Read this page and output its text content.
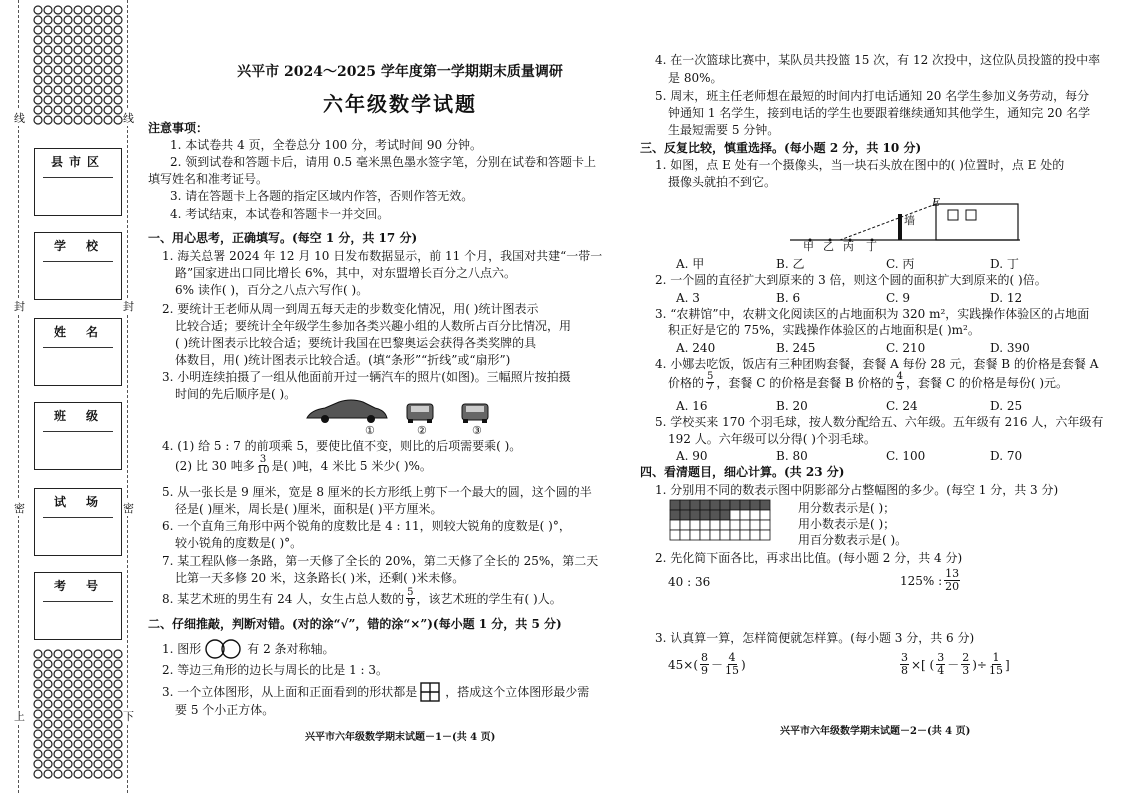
线	线
封	封
密	密
上	下
县市区
学校
姓名
班级
试场
考号
兴平市 2024～2025 学年度第一学期期末质量调研
六年级数学试题
注意事项：
1. 本试卷共 4 页，全卷总分 100 分，考试时间 90 分钟。
2. 领到试卷和答题卡后，请用 0.5 毫米黑色墨水签字笔，分别在试卷和答题卡上
填写姓名和准考证号。
3. 请在答题卡上各题的指定区域内作答，否则作答无效。
4. 考试结束，本试卷和答题卡一并交回。
一、用心思考，正确填写。(每空 1 分，共 17 分)
1. 海关总署 2024 年 12 月 10 日发布数据显示，前 11 个月，我国对共建“一带一
路”国家进出口同比增长 6%，其中，对东盟增长百分之八点六。
6% 读作( )，百分之八点六写作( )。
2. 要统计王老师从周一到周五每天走的步数变化情况，用( )统计图表示
比较合适；要统计全年级学生参加各类兴趣小组的人数所占百分比情况，用
( )统计图表示比较合适；要统计我国在巴黎奥运会获得各类奖牌的具
体数目，用( )统计图表示比较合适。(填“条形”“折线”或“扇形”)
3. 小明连续拍摄了一组从他面前开过一辆汽车的照片(如图)。三幅照片按拍摄
时间的先后顺序是( )。
①	②	③
4. (1) 给 5 : 7 的前项乘 5，要使比值不变，则比的后项需要乘( )。
(2) 比 30 吨多 $\frac{3}{10}$ 是( )吨，4 米比 5 米少( )%。
5. 从一张长是 9 厘米，宽是 8 厘米的长方形纸上剪下一个最大的圆，这个圆的半
径是( )厘米，周长是( )厘米，面积是( )平方厘米。
6. 一个直角三角形中两个锐角的度数比是 4 : 11，则较大锐角的度数是( )°，
较小锐角的度数是( )°。
7. 某工程队修一条路，第一天修了全长的 20%，第二天修了全长的 25%，第二天
比第一天多修 20 米，这条路长( )米，还剩( )米未修。
8. 某艺术班的男生有 24 人，女生占总人数的 $\frac{5}{9}$ ，该艺术班的学生有( )人。
二、仔细推敲，判断对错。(对的涂“√”，错的涂“×”)(每小题 1 分，共 5 分)
1. 图形	有 2 条对称轴。
2. 等边三角形的边长与周长的比是 1 : 3。
3. 一个立体图形，从上面和正面看到的形状都是 ，搭成这个立体图形最少需
要 5 个小正方体。
兴平市六年级数学期末试题－1－(共 4 页)
4. 在一次篮球比赛中，某队员共投篮 15 次，有 12 次投中，这位队员投篮的投中率
是 80%。
5. 周末，班主任老师想在最短的时间内打电话通知 20 名学生参加义务劳动，每分
钟通知 1 名学生，接到电话的学生也要跟着继续通知其他学生，通知完 20 名学
生最短需要 5 分钟。
三、反复比较，慎重选择。(每小题 2 分，共 10 分)
1. 如图，点 E 处有一个摄像头，当一块石头放在图中的( )位置时，点 E 处的
摄像头就拍不到它。
E
墙
甲 乙 丙 丁
A. 甲	B. 乙	C. 丙	D. 丁
2. 一个圆的直径扩大到原来的 3 倍，则这个圆的面积扩大到原来的( )倍。
A. 3	B. 6	C. 9	D. 12
3. “农耕馆”中，农耕文化阅读区的占地面积为 320 m²，实践操作体验区的占地面
积正好是它的 75%，实践操作体验区的占地面积是( )m²。
A. 240	B. 245	C. 210	D. 390
4. 小娜去吃饭，饭店有三种团购套餐，套餐 A 每份 28 元，套餐 B 的价格是套餐 A
价格的 $\frac{5}{7}$ ，套餐 C 的价格是套餐 B 价格的 $\frac{4}{5}$ ，套餐 C 的价格是每份( )元。
A. 16	B. 20	C. 24	D. 25
5. 学校买来 170 个羽毛球，按人数分配给五、六年级。五年级有 216 人，六年级有
192 人。六年级可以分得( )个羽毛球。
A. 90	B. 80	C. 100	D. 70
四、看清题目，细心计算。(共 23 分)
1. 分别用不同的数表示图中阴影部分占整幅图的多少。(每空 1 分，共 3 分)
用分数表示是( )；
用小数表示是( )；
用百分数表示是( )。
2. 先化简下面各比，再求出比值。(每小题 2 分，共 4 分)
40 : 36	125% : $\frac{13}{20}$
3. 认真算一算，怎样简便就怎样算。(每小题 3 分，共 6 分)
45×( 8
9 － 4
15 )	$\frac{3}{8}$ ×[ ( 3
4 － 2
3 )÷ $\frac{1}{15}$ ]
兴平市六年级数学期末试题－2－(共 4 页)
